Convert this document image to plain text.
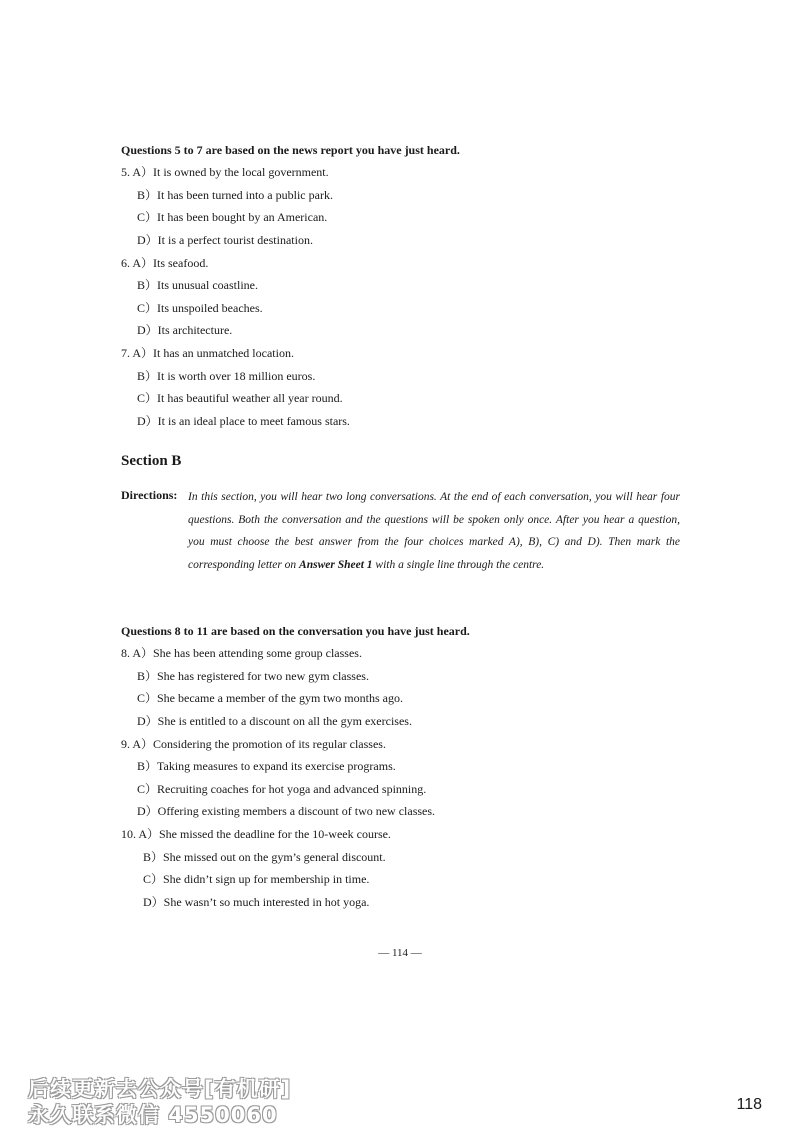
Questions 5 to 7 are based on the news report you have just heard.
5. A）It is owned by the local government.
B）It has been turned into a public park.
C）It has been bought by an American.
D）It is a perfect tourist destination.
6. A）Its seafood.
B）Its unusual coastline.
C）Its unspoiled beaches.
D）Its architecture.
7. A）It has an unmatched location.
B）It is worth over 18 million euros.
C）It has beautiful weather all year round.
D）It is an ideal place to meet famous stars.
Section B
Directions: In this section, you will hear two long conversations. At the end of each conversation, you will hear four questions. Both the conversation and the questions will be spoken only once. After you hear a question, you must choose the best answer from the four choices marked A), B), C) and D). Then mark the corresponding letter on Answer Sheet 1 with a single line through the centre.
Questions 8 to 11 are based on the conversation you have just heard.
8. A）She has been attending some group classes.
B）She has registered for two new gym classes.
C）She became a member of the gym two months ago.
D）She is entitled to a discount on all the gym exercises.
9. A）Considering the promotion of its regular classes.
B）Taking measures to expand its exercise programs.
C）Recruiting coaches for hot yoga and advanced spinning.
D）Offering existing members a discount of two new classes.
10. A）She missed the deadline for the 10-week course.
B）She missed out on the gym’s general discount.
C）She didn’t sign up for membership in time.
D）She wasn’t so much interested in hot yoga.
— 114 —
118
后续更新去公众号[有机研]
永久联系微信 4550060
